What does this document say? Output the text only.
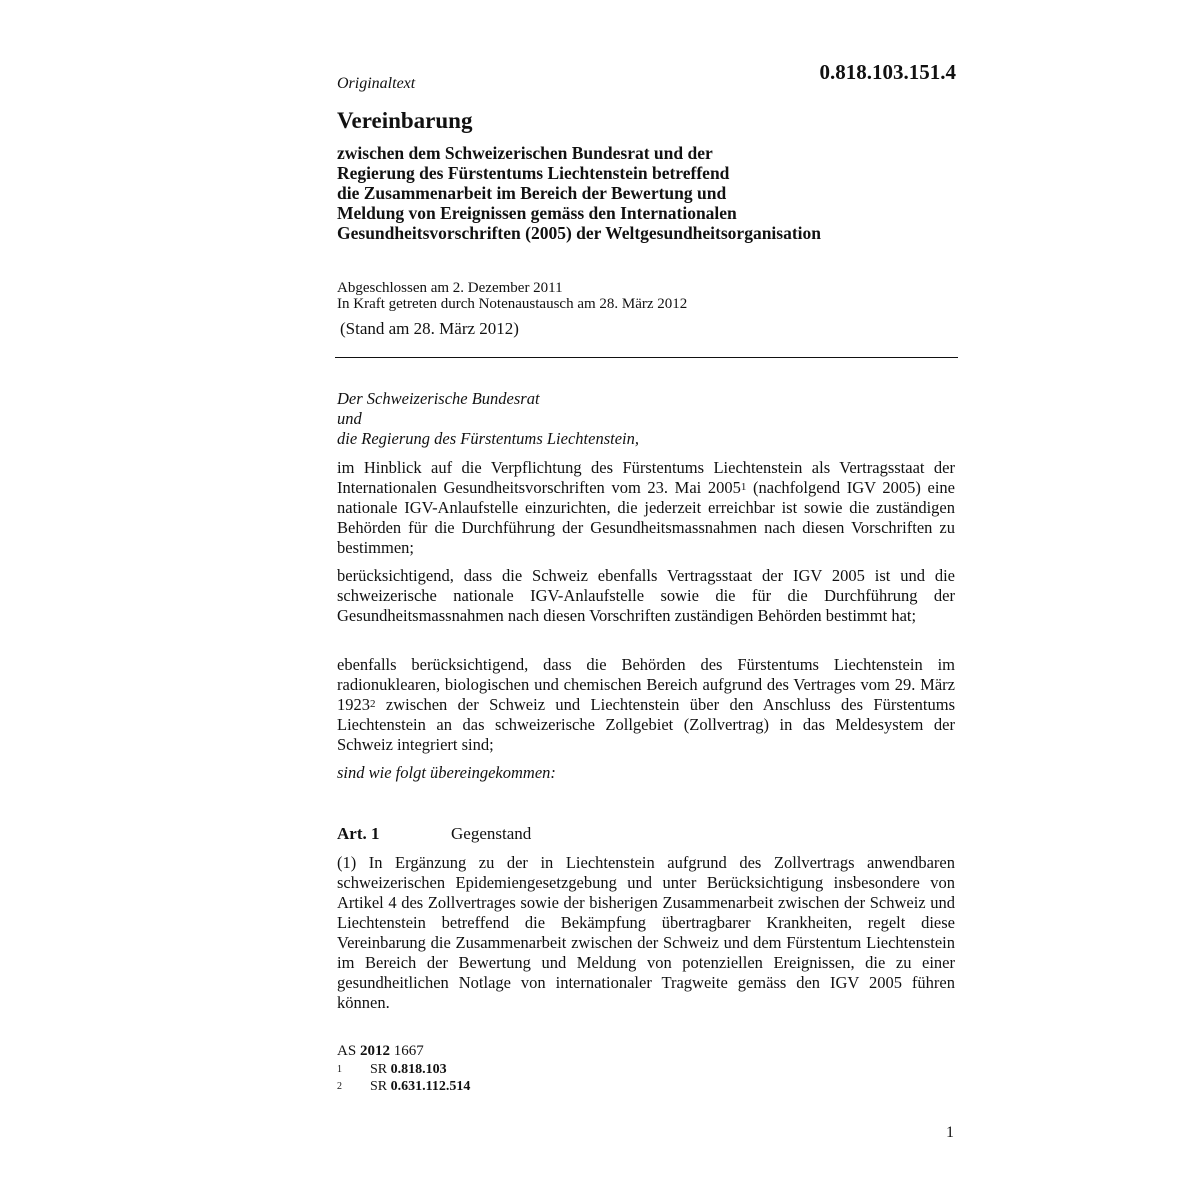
Originaltext	0.818.103.151.4
Vereinbarung
zwischen dem Schweizerischen Bundesrat und der
Regierung des Fürstentums Liechtenstein betreffend
die Zusammenarbeit im Bereich der Bewertung und
Meldung von Ereignissen gemäss den Internationalen
Gesundheitsvorschriften (2005) der Weltgesundheitsorganisation
Abgeschlossen am 2. Dezember 2011
In Kraft getreten durch Notenaustausch am 28. März 2012
(Stand am 28. März 2012)
Der Schweizerische Bundesrat
und
die Regierung des Fürstentums Liechtenstein,
im Hinblick auf die Verpflichtung des Fürstentums Liechtenstein als Vertragsstaat der Internationalen Gesundheitsvorschriften vom 23. Mai 2005$^1$ (nachfolgend IGV 2005) eine nationale IGV-Anlaufstelle einzurichten, die jederzeit erreichbar ist sowie die zuständigen Behörden für die Durchführung der Gesundheitsmassnahmen nach diesen Vorschriften zu bestimmen;
berücksichtigend, dass die Schweiz ebenfalls Vertragsstaat der IGV 2005 ist und die schweizerische nationale IGV-Anlaufstelle sowie die für die Durchführung der Gesundheitsmassnahmen nach diesen Vorschriften zuständigen Behörden bestimmt hat;
ebenfalls berücksichtigend, dass die Behörden des Fürstentums Liechtenstein im radionuklearen, biologischen und chemischen Bereich aufgrund des Vertrages vom 29. März 1923$^2$ zwischen der Schweiz und Liechtenstein über den Anschluss des Fürstentums Liechtenstein an das schweizerische Zollgebiet (Zollvertrag) in das Meldesystem der Schweiz integriert sind;
sind wie folgt übereingekommen:
Art. 1	Gegenstand
(1) In Ergänzung zu der in Liechtenstein aufgrund des Zollvertrags anwendbaren schweizerischen Epidemiengesetzgebung und unter Berücksichtigung insbesondere von Artikel 4 des Zollvertrages sowie der bisherigen Zusammenarbeit zwischen der Schweiz und Liechtenstein betreffend die Bekämpfung übertragbarer Krankheiten, regelt diese Vereinbarung die Zusammenarbeit zwischen der Schweiz und dem Fürstentum Liechtenstein im Bereich der Bewertung und Meldung von potenziellen Ereignissen, die zu einer gesundheitlichen Notlage von internationaler Tragweite gemäss den IGV 2005 führen können.
AS 2012 1667
1 SR 0.818.103
2 SR 0.631.112.514
1
